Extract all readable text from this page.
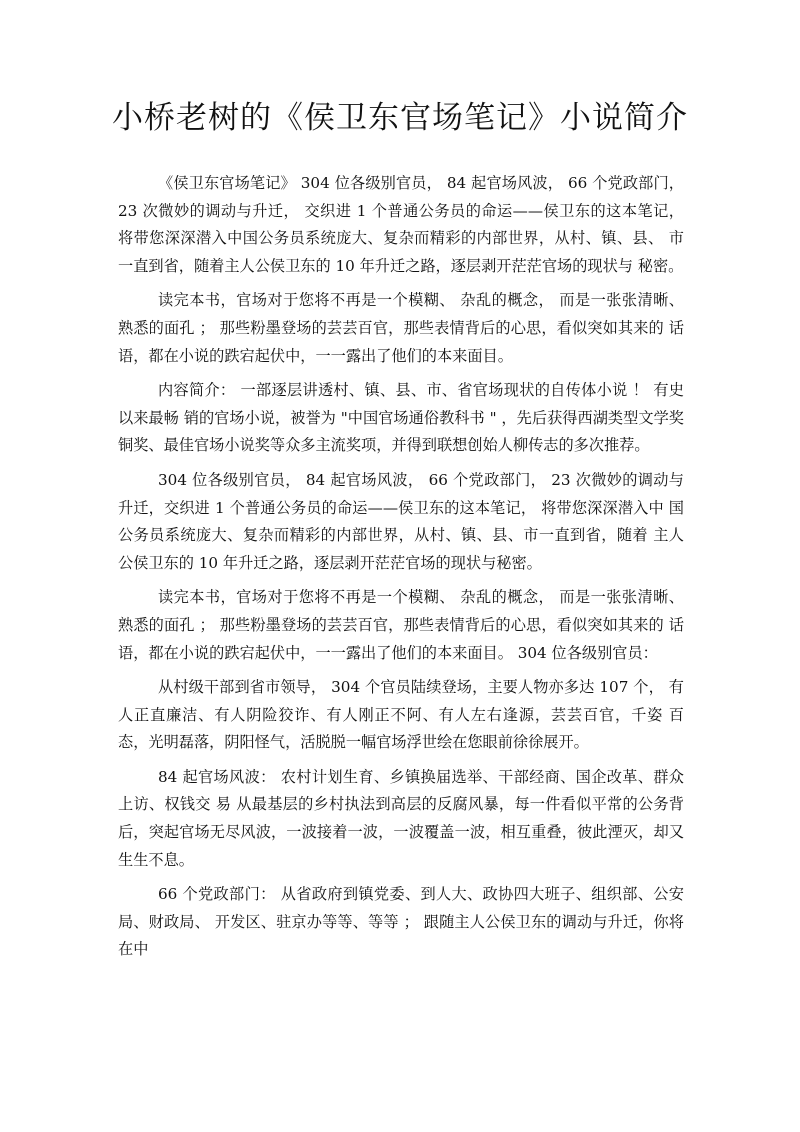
小桥老树的《侯卫东官场笔记》小说简介

《侯卫东官场笔记》 304 位各级别官员， 84 起官场风波， 66 个党政部门， 23 次微妙的调动与升迁， 交织进 1 个普通公务员的命运——侯卫东的这本笔记， 将带您深深潜入中国公务员系统庞大、复杂而精彩的内部世界，从村、镇、县、 市一直到省，随着主人公侯卫东的 10 年升迁之路，逐层剥开茫茫官场的现状与 秘密。

读完本书，官场对于您将不再是一个模糊、 杂乱的概念， 而是一张张清晰、 熟悉的面孔 ； 那些粉墨登场的芸芸百官，那些表情背后的心思，看似突如其来的 话语，都在小说的跌宕起伏中，一一露出了他们的本来面目。

内容简介： 一部逐层讲透村、镇、县、市、省官场现状的自传体小说 ！ 有史以来最畅 销的官场小说，被誉为 "中国官场通俗教科书 " ，先后获得西湖类型文学奖铜奖、最佳官场小说奖等众多主流奖项，并得到联想创始人柳传志的多次推荐。

304 位各级别官员， 84 起官场风波， 66 个党政部门， 23 次微妙的调动与升迁，交织进 1 个普通公务员的命运——侯卫东的这本笔记， 将带您深深潜入中 国公务员系统庞大、复杂而精彩的内部世界，从村、镇、县、市一直到省，随着 主人公侯卫东的 10 年升迁之路，逐层剥开茫茫官场的现状与秘密。

读完本书，官场对于您将不再是一个模糊、 杂乱的概念， 而是一张张清晰、 熟悉的面孔 ； 那些粉墨登场的芸芸百官，那些表情背后的心思，看似突如其来的 话语，都在小说的跌宕起伏中，一一露出了他们的本来面目。 304 位各级别官员：

从村级干部到省市领导， 304 个官员陆续登场，主要人物亦多达 107 个， 有人正直廉洁、有人阴险狡诈、有人刚正不阿、有人左右逢源，芸芸百官，千姿 百态，光明磊落，阴阳怪气，活脱脱一幅官场浮世绘在您眼前徐徐展开。

84 起官场风波： 农村计划生育、乡镇换届选举、干部经商、国企改革、群众上访、权钱交 易 从最基层的乡村执法到高层的反腐风暴，每一件看似平常的公务背后，突起官场无尽风波，一波接着一波，一波覆盖一波，相互重叠，彼此湮灭，却又 生生不息。

66 个党政部门： 从省政府到镇党委、到人大、政协四大班子、组织部、公安局、财政局、 开发区、驻京办等等、等等 ； 跟随主人公侯卫东的调动与升迁，你将在中
